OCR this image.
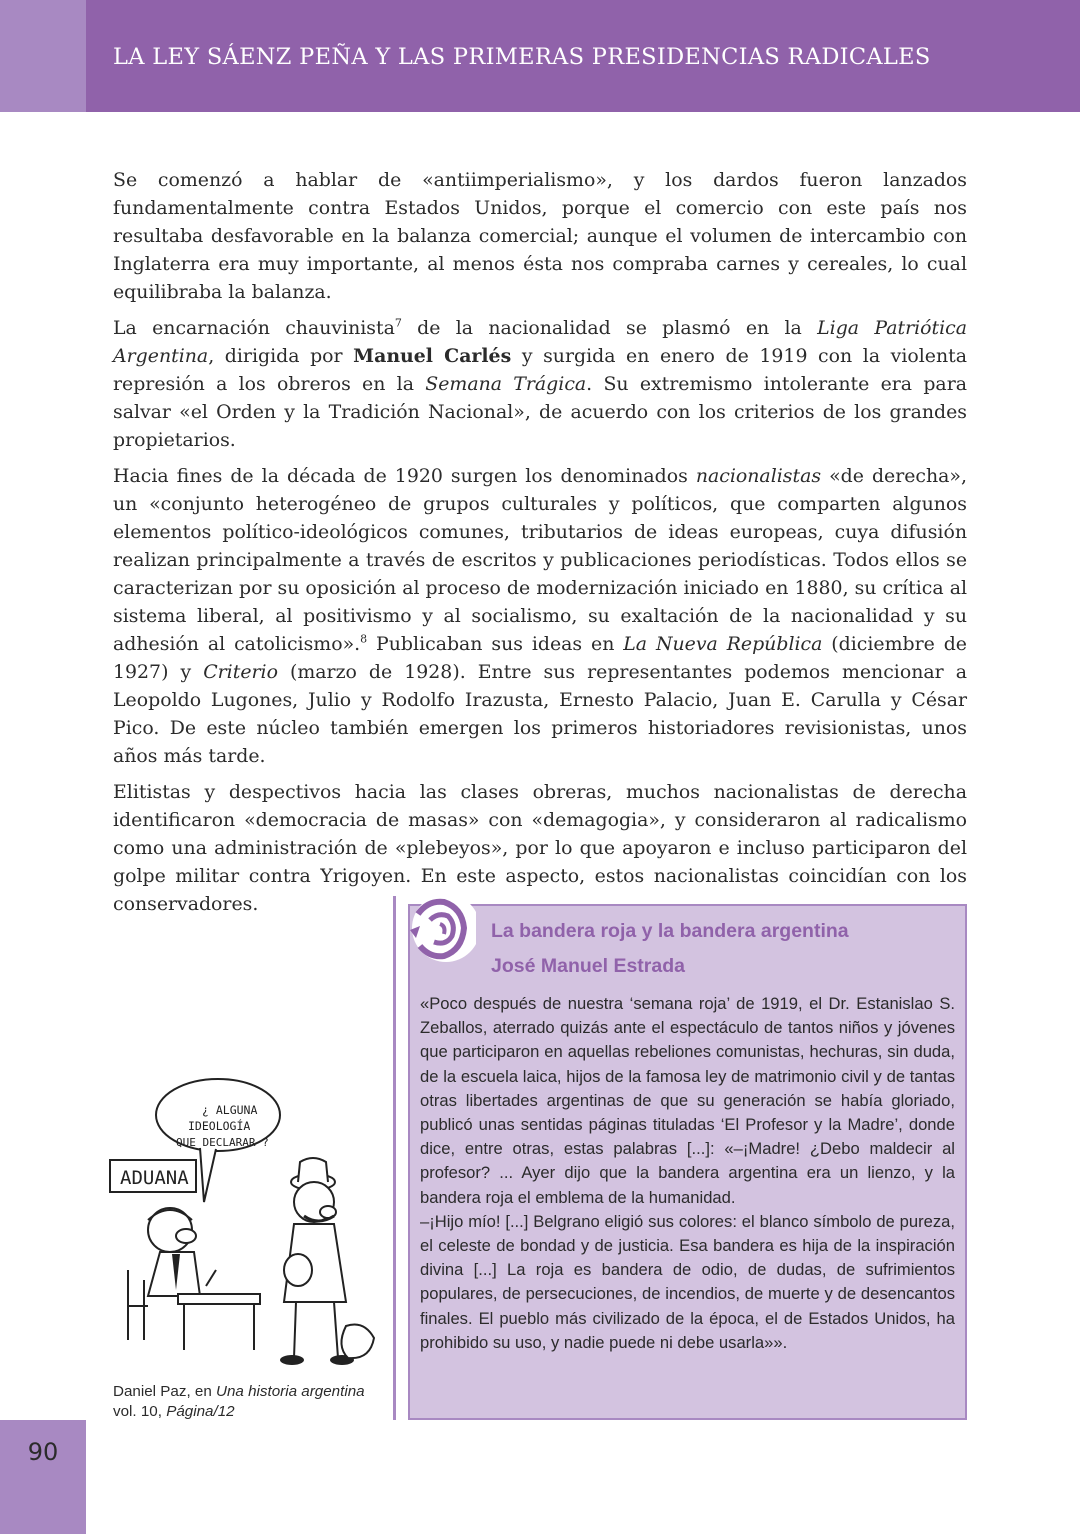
LA LEY SÁENZ PEÑA Y LAS PRIMERAS PRESIDENCIAS RADICALES

Se comenzó a hablar de «antiimperialismo», y los dardos fueron lanzados fundamentalmente contra Estados Unidos, porque el comercio con este país nos resultaba desfavorable en la balanza comercial; aunque el volumen de intercambio con Inglaterra era muy importante, al menos ésta nos compraba carnes y cereales, lo cual equilibraba la balanza.

La encarnación chauvinista$^7$ de la nacionalidad se plasmó en la Liga Patriótica Argentina, dirigida por Manuel Carlés y surgida en enero de 1919 con la violenta represión a los obreros en la Semana Trágica. Su extremismo intolerante era para salvar «el Orden y la Tradición Nacional», de acuerdo con los criterios de los grandes propietarios.

Hacia fines de la década de 1920 surgen los denominados nacionalistas «de derecha», un «conjunto heterogéneo de grupos culturales y políticos, que comparten algunos elementos político-ideológicos comunes, tributarios de ideas europeas, cuya difusión realizan principalmente a través de escritos y publicaciones periodísticas. Todos ellos se caracterizan por su oposición al proceso de modernización iniciado en 1880, su crítica al sistema liberal, al positivismo y al socialismo, su exaltación de la nacionalidad y su adhesión al catolicismo».$^8$ Publicaban sus ideas en La Nueva República (diciembre de 1927) y Criterio (marzo de 1928). Entre sus representantes podemos mencionar a Leopoldo Lugones, Julio y Rodolfo Irazusta, Ernesto Palacio, Juan E. Carulla y César Pico. De este núcleo también emergen los primeros historiadores revisionistas, unos años más tarde.

Elitistas y despectivos hacia las clases obreras, muchos nacionalistas de derecha identificaron «democracia de masas» con «demagogia», y consideraron al radicalismo como una administración de «plebeyos», por lo que apoyaron e incluso participaron del golpe militar contra Yrigoyen. En este aspecto, estos nacionalistas coincidían con los conservadores.

¿ ALGUNA
IDEOLOGÍA
QUE DECLARAR ?
ADUANA
Daniel Paz, en Una historia argentina
vol. 10, Página/12
La bandera roja y la bandera argentina
José Manuel Estrada

«Poco después de nuestra ‘semana roja’ de 1919, el Dr. Estanislao S. Zeballos, aterrado quizás ante el espectáculo de tantos niños y jóvenes que participaron en aquellas rebeliones comunistas, hechuras, sin duda, de la escuela laica, hijos de la famosa ley de matrimonio civil y de tantas otras libertades argentinas de que su generación se había gloriado, publicó unas sentidas páginas tituladas ‘El Profesor y la Madre’, donde dice, entre otras, estas palabras [...]: «–¡Madre! ¿Debo maldecir al profesor? ... Ayer dijo que la bandera argentina era un lienzo, y la bandera roja el emblema de la humanidad.

–¡Hijo mío! [...] Belgrano eligió sus colores: el blanco símbolo de pureza, el celeste de bondad y de justicia. Esa bandera es hija de la inspiración divina [...] La roja es bandera de odio, de dudas, de sufrimientos populares, de persecuciones, de incendios, de muerte y de desencantos finales. El pueblo más civilizado de la época, el de Estados Unidos, ha prohibido su uso, y nadie puede ni debe usarla»».

90
